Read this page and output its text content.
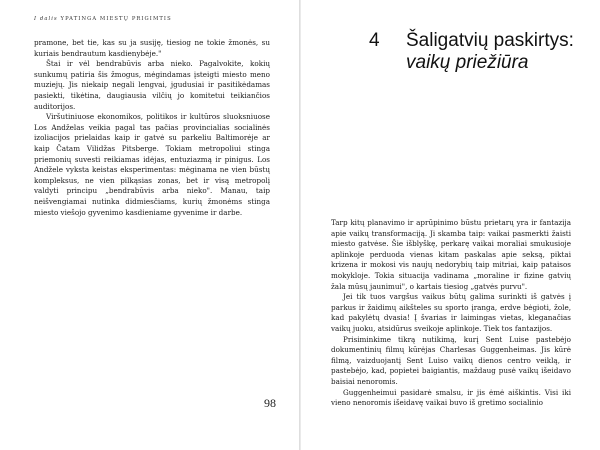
I dalis YPATINGA MIESTŲ PRIGIMTIS

pramone, bet tie, kas su ja susiję, tiesiog ne tokie žmonės, su kuriais bendrautum kasdienybėje."

Štai ir vėl bendrabūvis arba nieko. Pagalvokite, kokių sunkumų patiria šis žmogus, mėgindamas įsteigti miesto meno muziejų. Jis niekaip negali lengvai, jgudusiai ir pasitikėdamas pasiekti, tikėtina, daugiausia vilčių jo komitetui teikiančios auditorijos.

Viršutiniuose ekonomikos, politikos ir kultūros sluoksniuose Los Andželas veikia pagal tas pačias provincialias socialinės izoliacijos prielaidas kaip ir gatvė su parkeliu Baltimorėje ar kaip Čatam Vilidžas Pitsberge. Tokiam metropoliui stinga priemonių suvesti reikiamas idėjas, entuziazmą ir pinigus. Los Andžele vyksta keistas eksperimentas: mėginama ne vien būstų kompleksus, ne vien pilkąsias zonas, bet ir visą metropolį valdyti principu „bendrabūvis arba nieko". Manau, taip neišvengiamai nutinka didmiesčiams, kurių žmonėms stinga miesto viešojo gyvenimo kasdieniame gyvenime ir darbe.

98
4	Šaligatvių paskirtys:
vaikų priežiūra

Tarp kitų planavimo ir aprūpinimo būstu prietarų yra ir fantazija apie vaikų transformaciją. Ji skamba taip: vaikai pasmerkti žaisti miesto gatvėse. Šie išblyškę, perkarę vaikai moraliai smukusioje aplinkoje perduoda vienas kitam paskalas apie seksą, piktai krizena ir mokosi vis naujų nedorybių taip mitriai, kaip pataisos mokykloje. Tokia situacija vadinama „moraline ir fizine gatvių žala mūsų jaunimui", o kartais tiesiog „gatvės purvu".

Jei tik tuos vargšus vaikus būtų galima surinkti iš gatvės į parkus ir žaidimų aikšteles su sporto įranga, erdve bėgioti, žole, kad pakylėtų dvasia! Į švarias ir laimingas vietas, kleganačias vaikų juoku, atsidūrus sveikoje aplinkoje. Tiek tos fantazijos.

Prisiminkime tikrą nutikimą, kurį Sent Luise pastebėjo dokumentinių filmų kūrėjas Charlesas Guggenheimas. Jis kūrė filmą, vaizduojantį Sent Luiso vaikų dienos centro veiklą, ir pastebėjo, kad, popietei baigiantis, maždaug pusė vaikų išeidavo baisiai nenoromis.

Guggenheimui pasidarė smalsu, ir jis ėmė aiškintis. Visi iki vieno nenoromis išeidavę vaikai buvo iš gretimo socialinio
